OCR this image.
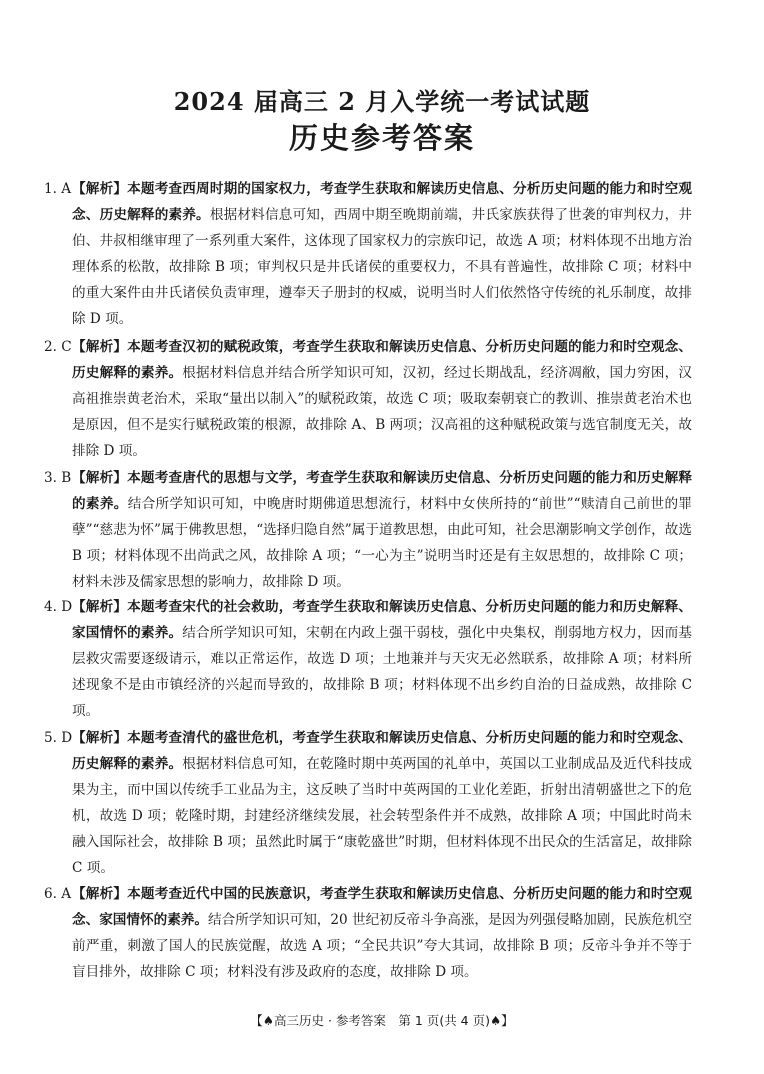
2024 届高三 2 月入学统一考试试题
历史参考答案
1. A 【解析】本题考查西周时期的国家权力，考查学生获取和解读历史信息、分析历史问题的能力和时空观念、历史解释的素养。根据材料信息可知，西周中期至晚期前端，井氏家族获得了世袭的审判权力，井伯、井叔相继审理了一系列重大案件，这体现了国家权力的宗族印记，故选 A 项；材料体现不出地方治理体系的松散，故排除 B 项；审判权只是井氏诸侯的重要权力，不具有普遍性，故排除 C 项；材料中的重大案件由井氏诸侯负责审理，遵奉天子册封的权威，说明当时人们依然恪守传统的礼乐制度，故排除 D 项。
2. C 【解析】本题考查汉初的赋税政策，考查学生获取和解读历史信息、分析历史问题的能力和时空观念、历史解释的素养。根据材料信息并结合所学知识可知，汉初，经过长期战乱，经济凋敝，国力穷困，汉高祖推崇黄老治术，采取“量出以制入”的赋税政策，故选 C 项；吸取秦朝衰亡的教训、推崇黄老治术也是原因，但不是实行赋税政策的根源，故排除 A、B 两项；汉高祖的这种赋税政策与选官制度无关，故排除 D 项。
3. B 【解析】本题考查唐代的思想与文学，考查学生获取和解读历史信息、分析历史问题的能力和历史解释的素养。结合所学知识可知，中晚唐时期佛道思想流行，材料中女侠所持的“前世”“赎清自己前世的罪孽”“慈悲为怀”属于佛教思想，“选择归隐自然”属于道教思想，由此可知，社会思潮影响文学创作，故选 B 项；材料体现不出尚武之风，故排除 A 项；“一心为主”说明当时还是有主奴思想的，故排除 C 项；材料未涉及儒家思想的影响力，故排除 D 项。
4. D 【解析】本题考查宋代的社会救助，考查学生获取和解读历史信息、分析历史问题的能力和历史解释、家国情怀的素养。结合所学知识可知，宋朝在内政上强干弱枝，强化中央集权，削弱地方权力，因而基层救灾需要逐级请示，难以正常运作，故选 D 项；土地兼并与天灾无必然联系，故排除 A 项；材料所述现象不是由市镇经济的兴起而导致的，故排除 B 项；材料体现不出乡约自治的日益成熟，故排除 C 项。
5. D 【解析】本题考查清代的盛世危机，考查学生获取和解读历史信息、分析历史问题的能力和时空观念、历史解释的素养。根据材料信息可知，在乾隆时期中英两国的礼单中，英国以工业制成品及近代科技成果为主，而中国以传统手工业品为主，这反映了当时中英两国的工业化差距，折射出清朝盛世之下的危机，故选 D 项；乾隆时期，封建经济继续发展，社会转型条件并不成熟，故排除 A 项；中国此时尚未融入国际社会，故排除 B 项；虽然此时属于“康乾盛世”时期，但材料体现不出民众的生活富足，故排除 C 项。
6. A 【解析】本题考查近代中国的民族意识，考查学生获取和解读历史信息、分析历史问题的能力和时空观念、家国情怀的素养。结合所学知识可知，20 世纪初反帝斗争高涨，是因为列强侵略加剧，民族危机空前严重，刺激了国人的民族觉醒，故选 A 项；“全民共识”夸大其词，故排除 B 项；反帝斗争并不等于盲目排外，故排除 C 项；材料没有涉及政府的态度，故排除 D 项。
【♠高三历史 · 参考答案　第 1 页(共 4 页)♠】
